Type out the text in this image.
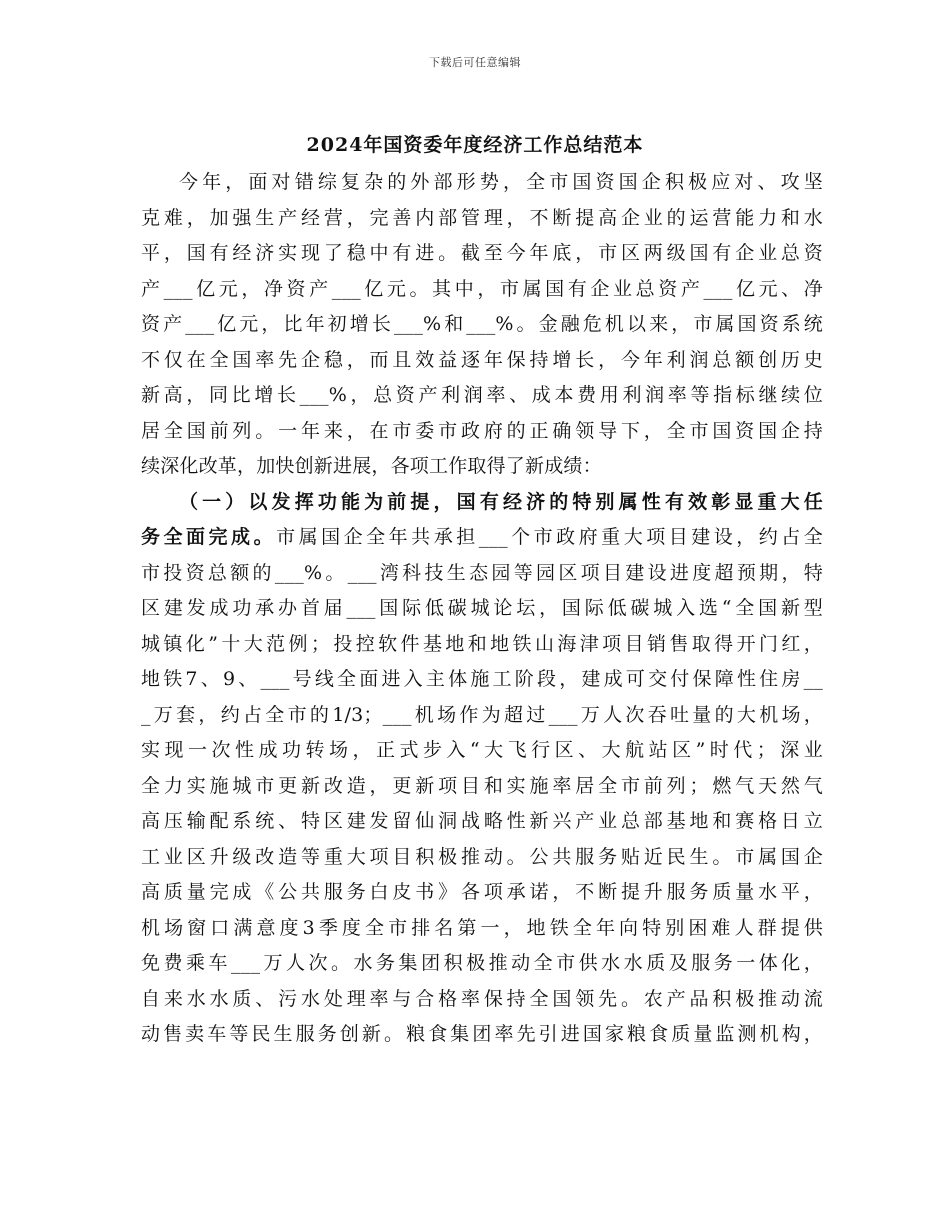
下载后可任意编辑
2024年国资委年度经济工作总结范本
今年，面对错综复杂的外部形势，全市国资国企积极应对、攻坚
克难，加强生产经营，完善内部管理，不断提高企业的运营能力和水
平，国有经济实现了稳中有进。截至今年底，市区两级国有企业总资
产___亿元，净资产___亿元。其中，市属国有企业总资产___亿元、净
资产___亿元，比年初增长___%和___%。金融危机以来，市属国资系统
不仅在全国率先企稳，而且效益逐年保持增长，今年利润总额创历史
新高，同比增长___%，总资产利润率、成本费用利润率等指标继续位
居全国前列。一年来，在市委市政府的正确领导下，全市国资国企持
续深化改革，加快创新进展，各项工作取得了新成绩：
（一）以发挥功能为前提，国有经济的特别属性有效彰显重大任
务全面完成。市属国企全年共承担___个市政府重大项目建设，约占全
市投资总额的___%。___湾科技生态园等园区项目建设进度超预期，特
区建发成功承办首届___国际低碳城论坛，国际低碳城入选“全国新型
城镇化”十大范例；投控软件基地和地铁山海津项目销售取得开门红，
地铁7、9、___号线全面进入主体施工阶段，建成可交付保障性住房__
_万套，约占全市的1/3；___机场作为超过___万人次吞吐量的大机场，
实现一次性成功转场，正式步入“大飞行区、大航站区”时代；深业
全力实施城市更新改造，更新项目和实施率居全市前列；燃气天然气
高压输配系统、特区建发留仙洞战略性新兴产业总部基地和赛格日立
工业区升级改造等重大项目积极推动。公共服务贴近民生。市属国企
高质量完成《公共服务白皮书》各项承诺，不断提升服务质量水平，
机场窗口满意度3季度全市排名第一，地铁全年向特别困难人群提供
免费乘车___万人次。水务集团积极推动全市供水水质及服务一体化，
自来水水质、污水处理率与合格率保持全国领先。农产品积极推动流
动售卖车等民生服务创新。粮食集团率先引进国家粮食质量监测机构，
